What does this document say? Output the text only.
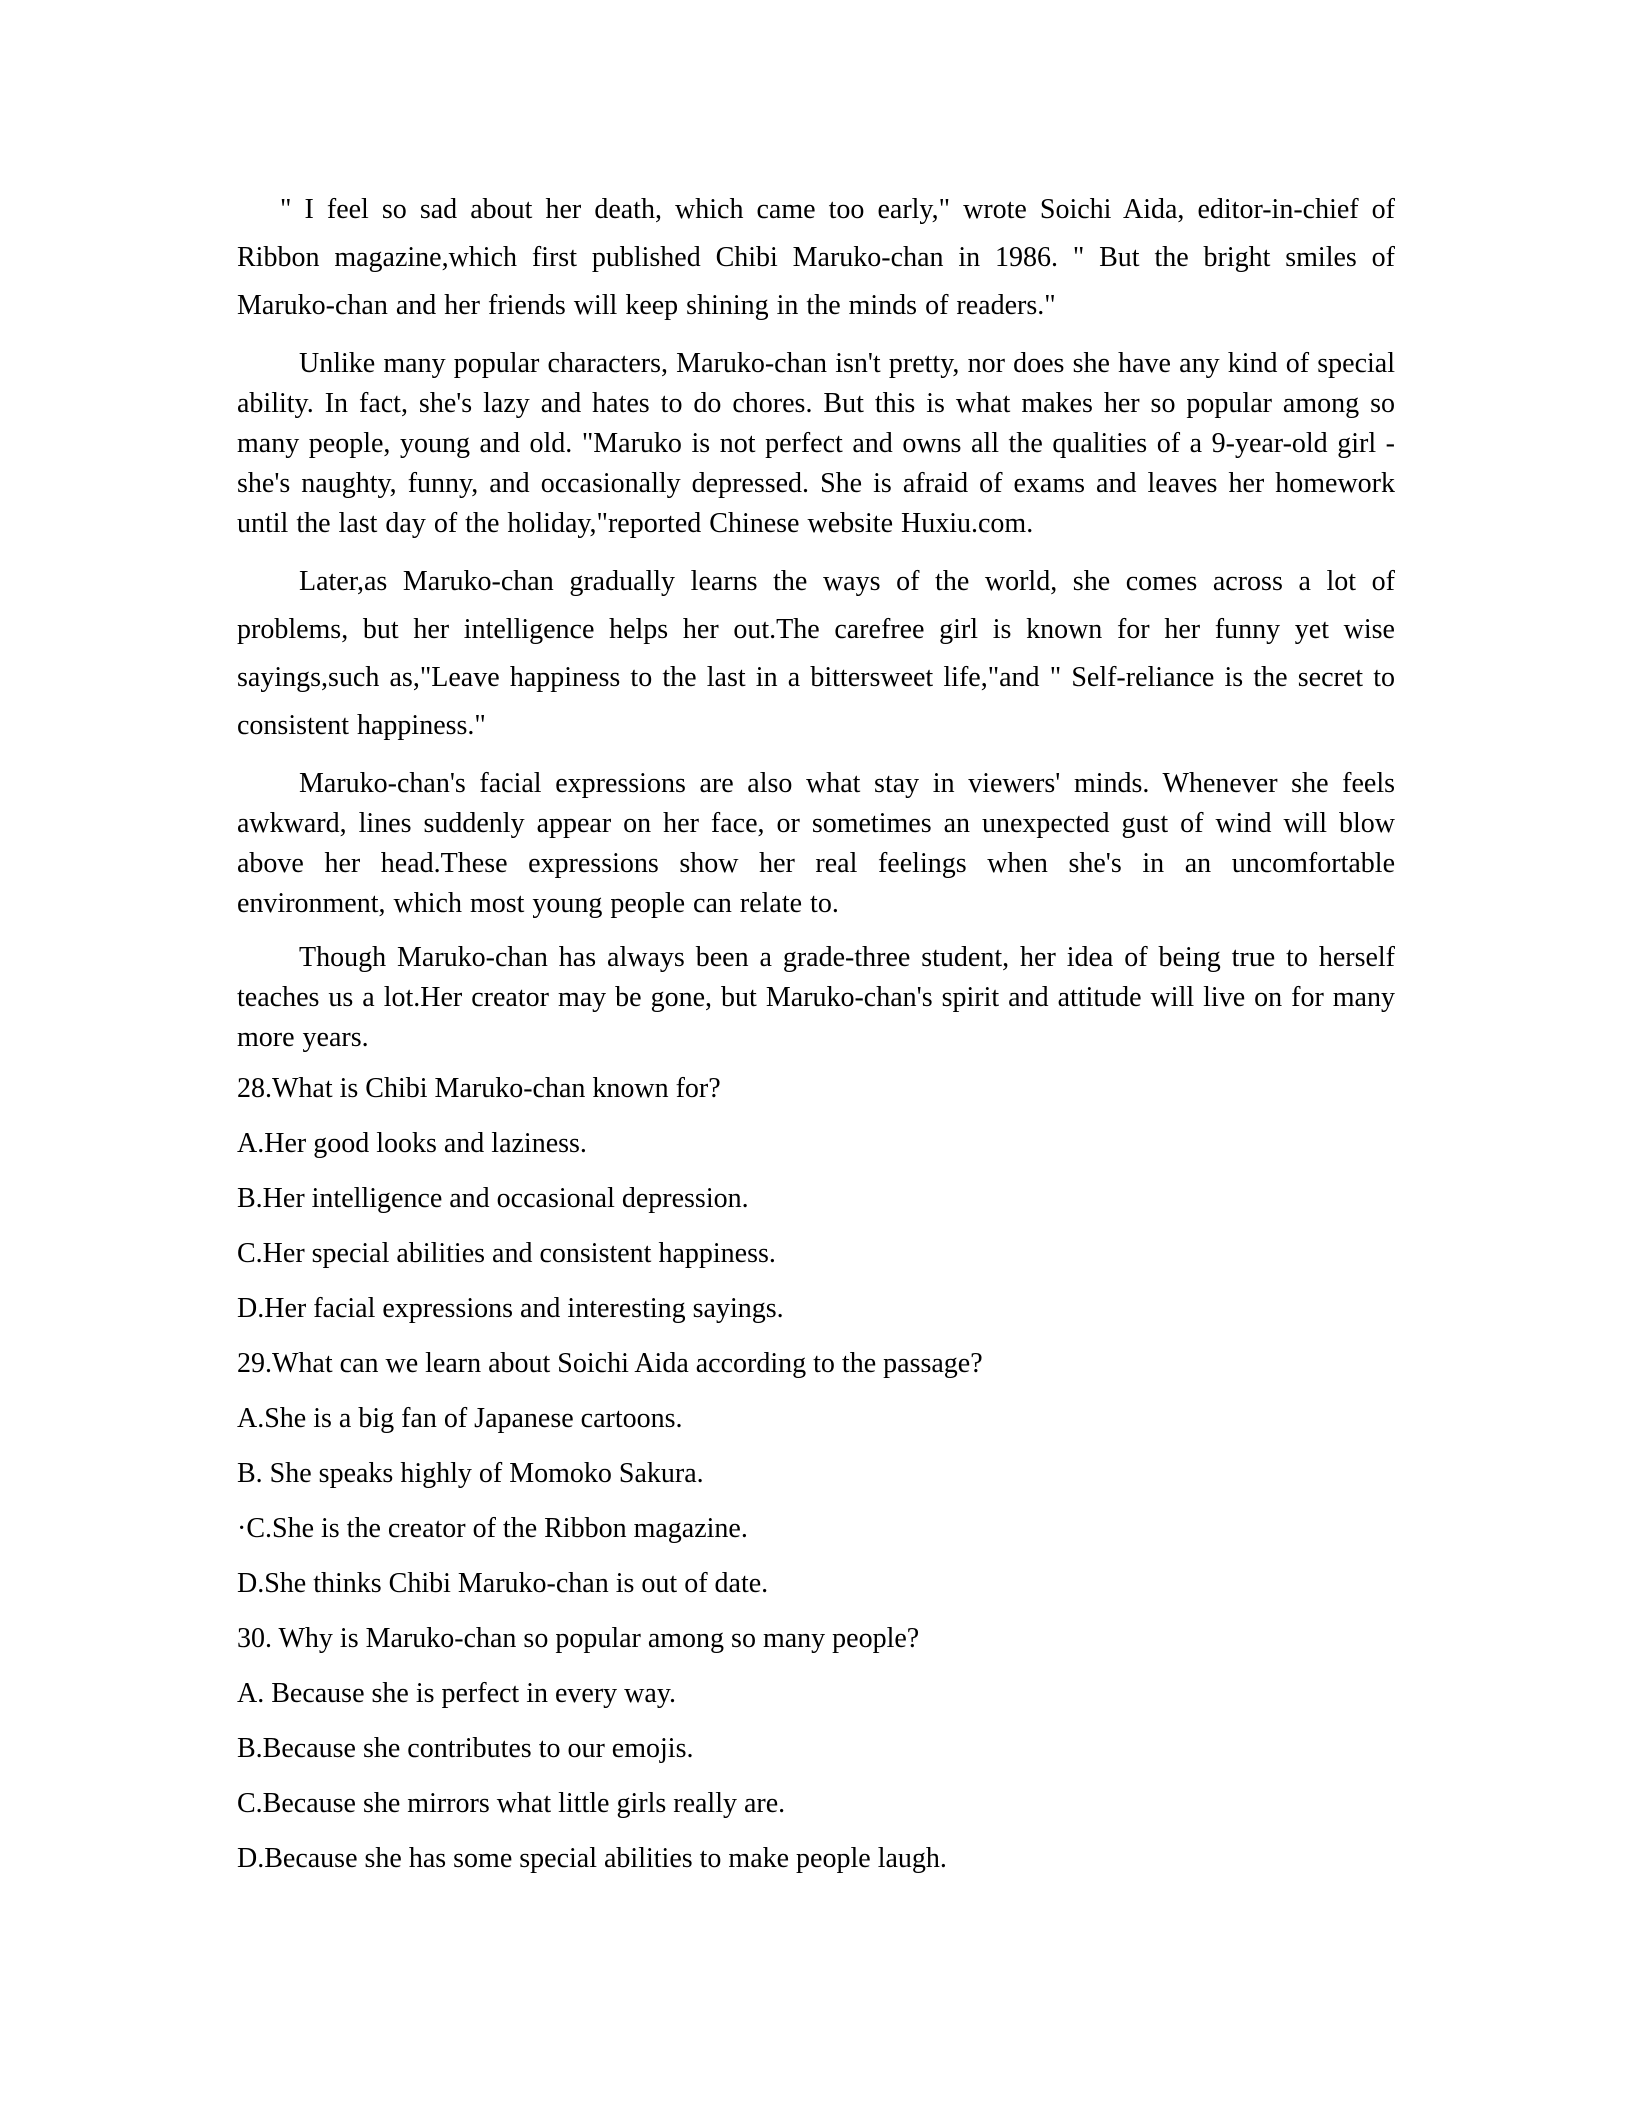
" I feel so sad about her death, which came too early," wrote Soichi Aida, editor-in-chief of Ribbon magazine,which first published Chibi Maruko-chan in 1986. " But the bright smiles of Maruko-chan and her friends will keep shining in the minds of readers."

Unlike many popular characters, Maruko-chan isn't pretty, nor does she have any kind of special ability. In fact, she's lazy and hates to do chores. But this is what makes her so popular among so many people, young and old. "Maruko is not perfect and owns all the qualities of a 9-year-old girl -she's naughty, funny, and occasionally depressed. She is afraid of exams and leaves her homework until the last day of the holiday,"reported Chinese website Huxiu.com.

Later,as Maruko-chan gradually learns the ways of the world, she comes across a lot of problems, but her intelligence helps her out.The carefree girl is known for her funny yet wise sayings,such as,"Leave happiness to the last in a bittersweet life,"and " Self-reliance is the secret to consistent happiness."

Maruko-chan's facial expressions are also what stay in viewers' minds. Whenever she feels awkward, lines suddenly appear on her face, or sometimes an unexpected gust of wind will blow above her head.These expressions show her real feelings when she's in an uncomfortable environment, which most young people can relate to.

Though Maruko-chan has always been a grade-three student, her idea of being true to herself teaches us a lot.Her creator may be gone, but Maruko-chan's spirit and attitude will live on for many more years.

28.What is Chibi Maruko-chan known for?

A.Her good looks and laziness.

B.Her intelligence and occasional depression.

C.Her special abilities and consistent happiness.

D.Her facial expressions and interesting sayings.

29.What can we learn about Soichi Aida according to the passage?

A.She is a big fan of Japanese cartoons.

B. She speaks highly of Momoko Sakura.

·C.She is the creator of the Ribbon magazine.

D.She thinks Chibi Maruko-chan is out of date.

30. Why is Maruko-chan so popular among so many people?

A. Because she is perfect in every way.

B.Because she contributes to our emojis.

C.Because she mirrors what little girls really are.

D.Because she has some special abilities to make people laugh.
